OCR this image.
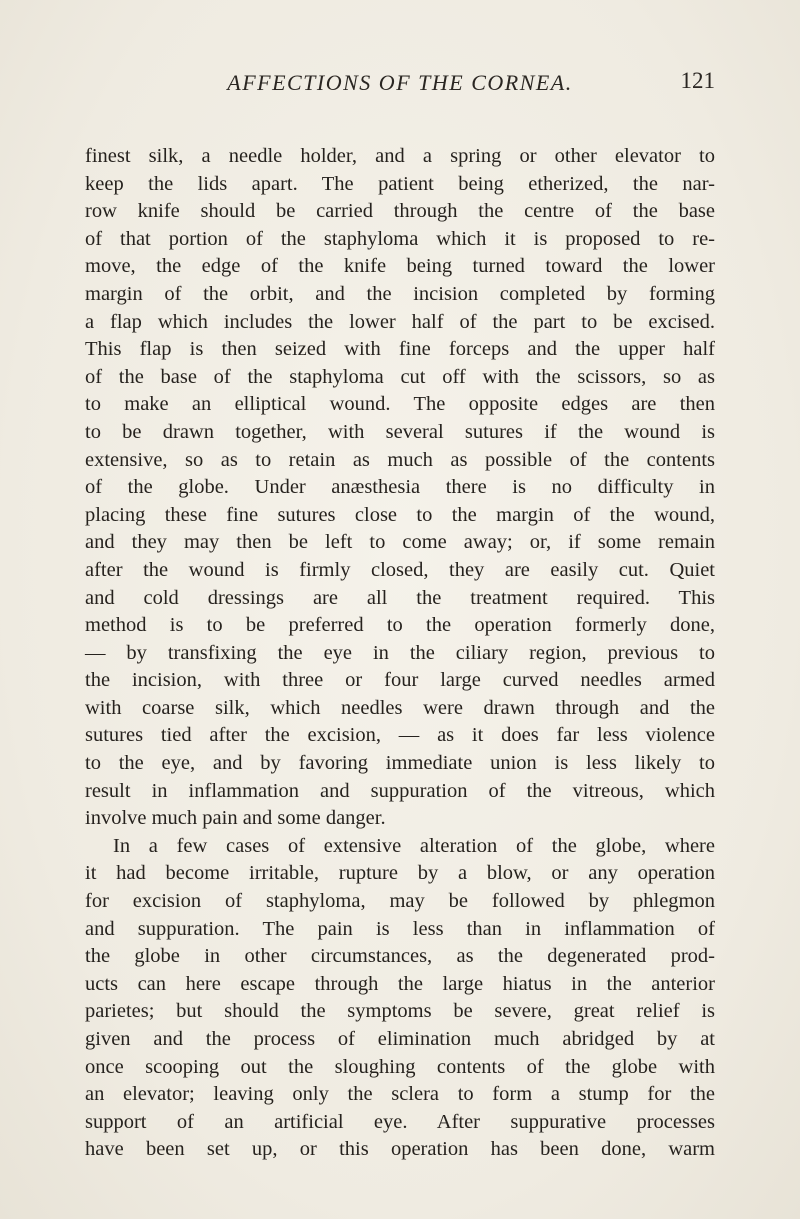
AFFECTIONS OF THE CORNEA.	121
finest silk, a needle holder, and a spring or other elevator to
keep the lids apart. The patient being etherized, the nar-
row knife should be carried through the centre of the base
of that portion of the staphyloma which it is proposed to re-
move, the edge of the knife being turned toward the lower
margin of the orbit, and the incision completed by forming
a flap which includes the lower half of the part to be excised.
This flap is then seized with fine forceps and the upper half
of the base of the staphyloma cut off with the scissors, so as
to make an elliptical wound. The opposite edges are then
to be drawn together, with several sutures if the wound is
extensive, so as to retain as much as possible of the contents
of the globe. Under anæsthesia there is no difficulty in
placing these fine sutures close to the margin of the wound,
and they may then be left to come away; or, if some remain
after the wound is firmly closed, they are easily cut. Quiet
and cold dressings are all the treatment required. This
method is to be preferred to the operation formerly done,
— by transfixing the eye in the ciliary region, previous to
the incision, with three or four large curved needles armed
with coarse silk, which needles were drawn through and the
sutures tied after the excision, — as it does far less violence
to the eye, and by favoring immediate union is less likely to
result in inflammation and suppuration of the vitreous, which
involve much pain and some danger.
In a few cases of extensive alteration of the globe, where
it had become irritable, rupture by a blow, or any operation
for excision of staphyloma, may be followed by phlegmon
and suppuration. The pain is less than in inflammation of
the globe in other circumstances, as the degenerated prod-
ucts can here escape through the large hiatus in the anterior
parietes; but should the symptoms be severe, great relief is
given and the process of elimination much abridged by at
once scooping out the sloughing contents of the globe with
an elevator; leaving only the sclera to form a stump for the
support of an artificial eye. After suppurative processes
have been set up, or this operation has been done, warm
